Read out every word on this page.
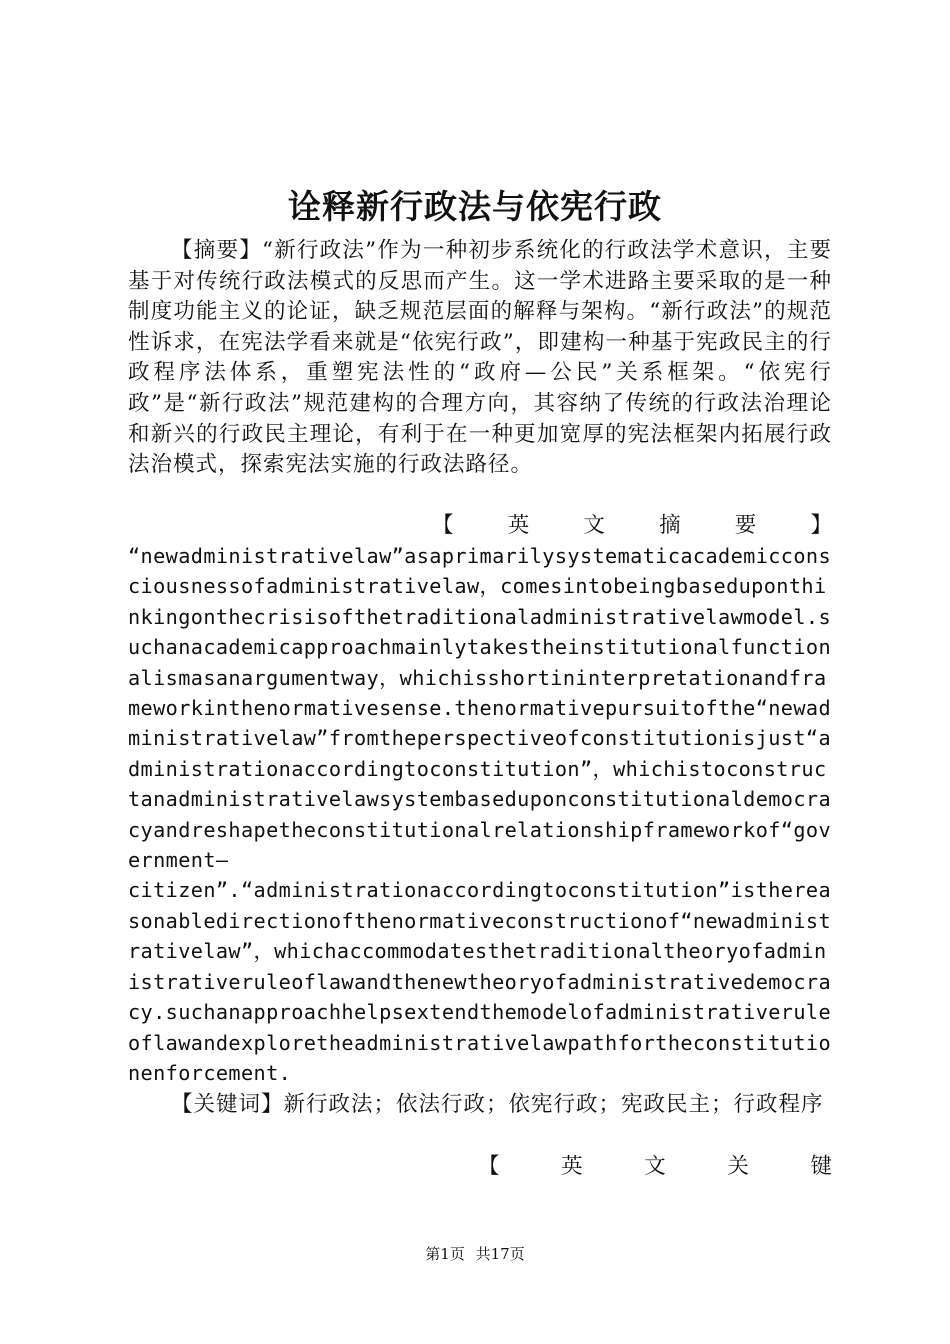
诠释新行政法与依宪行政
【摘要】“新行政法”作为一种初步系统化的行政法学术意识，主要基于对传统行政法模式的反思而产生。这一学术进路主要采取的是一种制度功能主义的论证，缺乏规范层面的解释与架构。“新行政法”的规范性诉求，在宪法学看来就是“依宪行政”，即建构一种基于宪政民主的行政程序法体系，重塑宪法性的“政府—公民”关系框架。“依宪行政”是“新行政法”规范建构的合理方向，其容纳了传统的行政法治理论和新兴的行政民主理论，有利于在一种更加宽厚的宪法框架内拓展行政法治模式，探索宪法实施的行政法路径。
【	英	文	摘	要	】
“newadministrativelaw”asaprimarilysystematicacademicconsciousnessofadministrativelaw，comesintobeingbaseduponthinkingonthecrisisofthetraditionaladministrativelawmodel.suchanacademicapproachmainlytakestheinstitutionalfunctionalismasanargumentway，whichisshortininterpretationandframeworkinthenormativesense.thenormativepursuitofthe“newadministrativelaw”fromtheperspectiveofconstitutionisjust“administrationaccordingtoconstitution”，whichistoconstructanadministrativelawsystembaseduponconstitutionaldemocracyandreshapetheconstitutionalrelationshipframeworkof“government—
citizen”.“administrationaccordingtoconstitution”isthereasonabledirectionofthenormativeconstructionof“newadministrativelaw”，whichaccommodatesthetraditionaltheoryofadministrativeruleoflawandthenewtheoryofadministrativedemocracy.suchanapproachhelpsextendthemodelofadministrativeruleoflawandexploretheadministrativelawpathfortheconstitutionenforcement.
【关键词】新行政法；依法行政；依宪行政；宪政民主；行政程序
【	英	文	关	键
第1页 共17页
